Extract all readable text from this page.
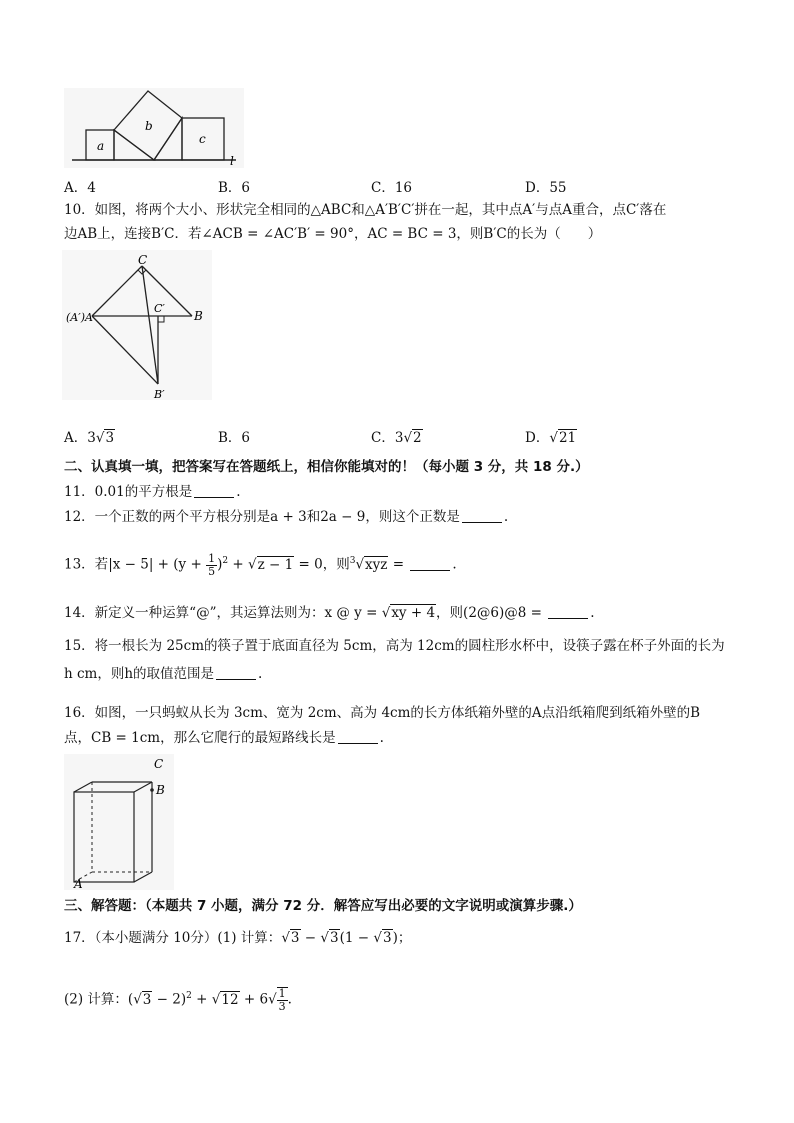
a
b
c
l
A．4	B．6	C．16	D．55
10．如图，将两个大小、形状完全相同的△ABC和△A′B′C′拼在一起，其中点A′与点A重合，点C′落在
边AB上，连接B′C．若∠ACB = ∠AC′B′ = 90°，AC = BC = 3，则B′C的长为（　　）
C
(A′)A
C′
B
B′
A．3√3	B．6	C．3√2	D．√21
二、认真填一填，把答案写在答题纸上，相信你能填对的！（每小题 3 分，共 18 分.）
11．0.01的平方根是	.
12．一个正数的两个平方根分别是a + 3和2a − 9，则这个正数是	.
13．若$|x - 5| + (y + \frac{1}{5} )^2 + √z - 1 = 0$，则$^3$√xyz =	.
14．新定义一种运算“@”，其运算法则为：x @ y = √xy + 4，则(2@6)@8 =	.
15．将一根长为 25cm的筷子置于底面直径为 5cm，高为 12cm的圆柱形水杯中，设筷子露在杯子外面的长为
h cm，则h的取值范围是	.
16．如图，一只蚂蚁从长为 3cm、宽为 2cm、高为 4cm的长方体纸箱外壁的A点沿纸箱爬到纸箱外壁的B
点，CB = 1cm，那么它爬行的最短路线长是	.
C
B
A
三、解答题：（本题共 7 小题，满分 72 分．解答应写出必要的文字说明或演算步骤.）
17．（本小题满分 10分）(1) 计算：√3 − √3(1 − √3)；
(2) 计算：$(√3 - 2)^2 + √12 + 6√ \frac{1}{3}$ .
